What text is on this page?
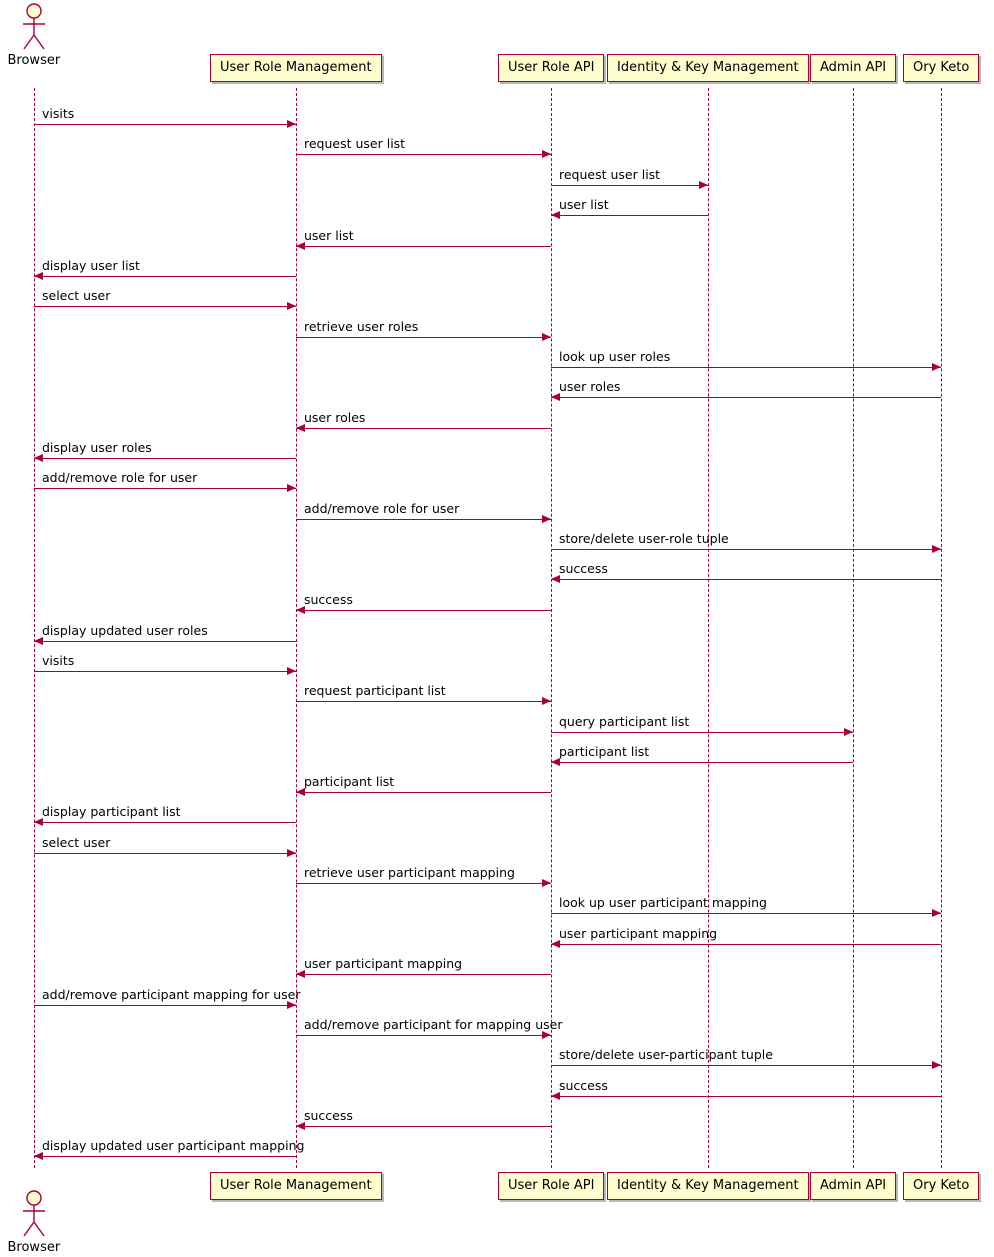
Browser
Browser
User Role Management
User Role Management
User Role API
User Role API
Identity & Key Management
Identity & Key Management
Admin API
Admin API
Ory Keto
Ory Keto
visits
request user list
request user list
user list
user list
display user list
select user
retrieve user roles
look up user roles
user roles
user roles
display user roles
add/remove role for user
add/remove role for user
store/delete user-role tuple
success
success
display updated user roles
visits
request participant list
query participant list
participant list
participant list
display participant list
select user
retrieve user participant mapping
look up user participant mapping
user participant mapping
user participant mapping
add/remove participant mapping for user
add/remove participant for mapping user
store/delete user-participant tuple
success
success
display updated user participant mapping
